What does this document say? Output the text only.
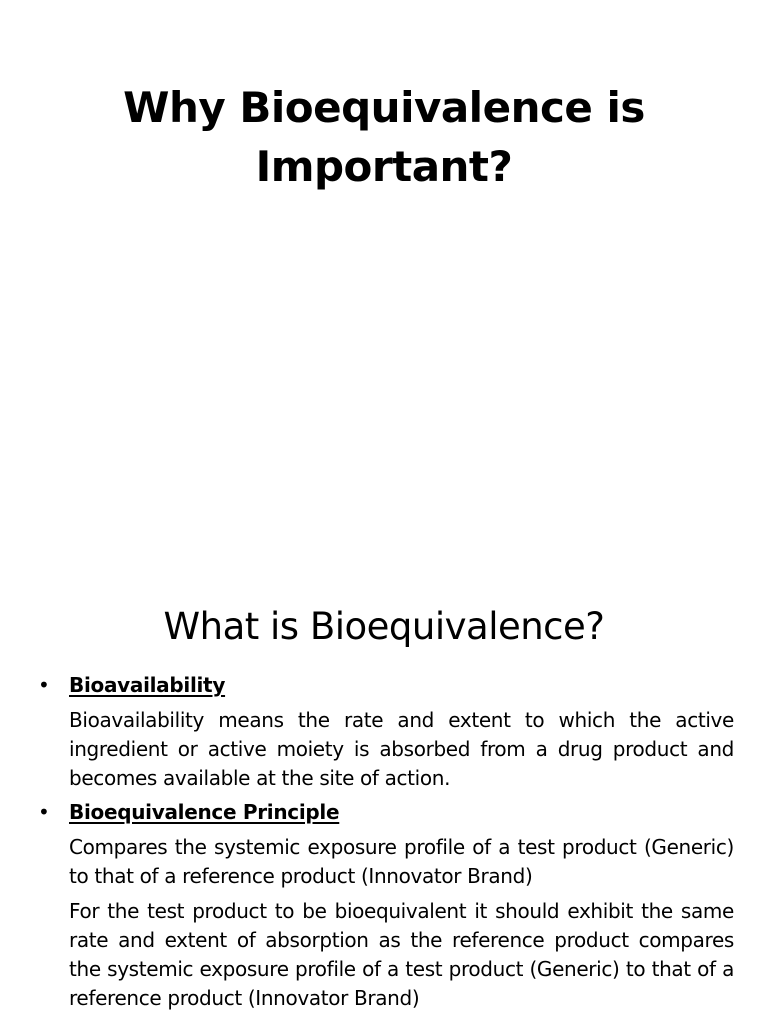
Why Bioequivalence is
Important?
What is Bioequivalence?
• Bioavailability
Bioavailability means the rate and extent to which the active ingredient or active moiety is absorbed from a drug product and becomes available at the site of action.
• Bioequivalence Principle
Compares the systemic exposure profile of a test product (Generic) to that of a reference product (Innovator Brand)
For the test product to be bioequivalent it should exhibit the same rate and extent of absorption as the reference product compares the systemic exposure profile of a test product (Generic) to that of a reference product (Innovator Brand)
